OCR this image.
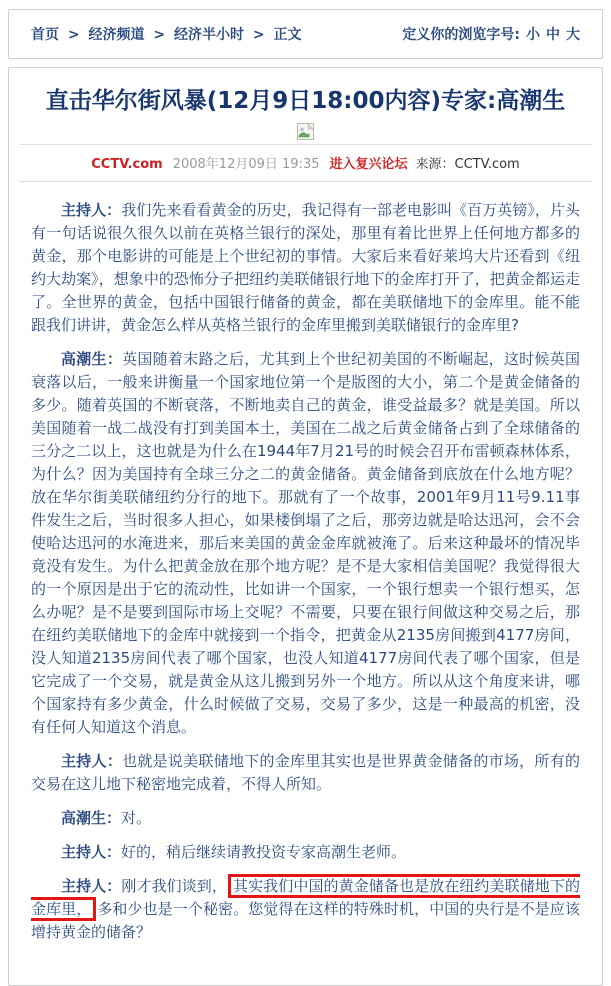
首页 > 经济频道 > 经济半小时 > 正文	定义你的浏览字号: 小 中 大
直击华尔街风暴(12月9日18:00内容)专家:高潮生
CCTV.com 2008年12月09日 19:35 进入复兴论坛 来源：CCTV.com

主持人：我们先来看看黄金的历史，我记得有一部老电影叫《百万英镑》，片头有一句话说很久很久以前在英格兰银行的深处，那里有着比世界上任何地方都多的黄金，那个电影讲的可能是上个世纪初的事情。大家后来看好莱坞大片还看到《纽约大劫案》，想象中的恐怖分子把纽约美联储银行地下的金库打开了，把黄金都运走了。全世界的黄金，包括中国银行储备的黄金，都在美联储地下的金库里。能不能跟我们讲讲，黄金怎么样从英格兰银行的金库里搬到美联储银行的金库里?

高潮生：英国随着末路之后，尤其到上个世纪初美国的不断崛起，这时候英国衰落以后，一般来讲衡量一个国家地位第一个是版图的大小，第二个是黄金储备的多少。随着英国的不断衰落，不断地卖自己的黄金，谁受益最多？就是美国。所以美国随着一战二战没有打到美国本土，美国在二战之后黄金储备占到了全球储备的三分之二以上，这也就是为什么在1944年7月21号的时候会召开布雷顿森林体系，为什么？因为美国持有全球三分之二的黄金储备。黄金储备到底放在什么地方呢？放在华尔街美联储纽约分行的地下。那就有了一个故事，2001年9月11号9.11事件发生之后，当时很多人担心，如果楼倒塌了之后，那旁边就是哈达迅河，会不会使哈达迅河的水淹进来，那后来美国的黄金金库就被淹了。后来这种最坏的情况毕竟没有发生。为什么把黄金放在那个地方呢？是不是大家相信美国呢？我觉得很大的一个原因是出于它的流动性，比如讲一个国家，一个银行想卖一个银行想买，怎么办呢？是不是要到国际市场上交呢？不需要，只要在银行间做这种交易之后，那在纽约美联储地下的金库中就接到一个指令，把黄金从2135房间搬到4177房间，没人知道2135房间代表了哪个国家，也没人知道4177房间代表了哪个国家，但是它完成了一个交易，就是黄金从这儿搬到另外一个地方。所以从这个角度来讲，哪个国家持有多少黄金，什么时候做了交易，交易了多少，这是一种最高的机密，没有任何人知道这个消息。

主持人：也就是说美联储地下的金库里其实也是世界黄金储备的市场，所有的交易在这儿地下秘密地完成着，不得人所知。

高潮生：对。

主持人：好的，稍后继续请教投资专家高潮生老师。

主持人：刚才我们谈到， 其实我们中国的黄金储备也是放在纽约美联储地下的金库里， 多和少也是一个秘密。您觉得在这样的特殊时机，中国的央行是不是应该增持黄金的储备？
